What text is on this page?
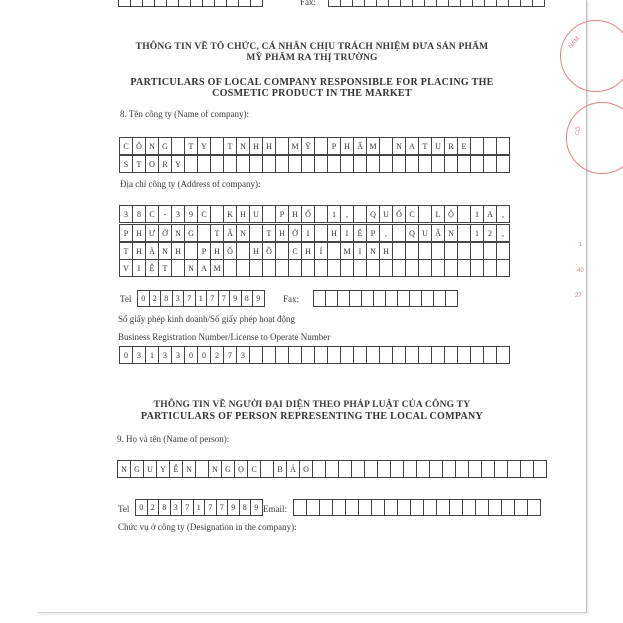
Fax:
THÔNG TIN VỀ TỔ CHỨC, CÁ NHÂN CHỊU TRÁCH NHIỆM ĐƯA SẢN PHẨM
MỸ PHẨM RA THỊ TRƯỜNG
PARTICULARS OF LOCAL COMPANY RESPONSIBLE FOR PLACING THE
COSMETIC PRODUCT IN THE MARKET
8. Tên công ty (Name of company):
C Ô N G	T Y	T N H H	M Ỹ	P H Ẩ M	N A T U R E
S	T O R Y
Địa chỉ công ty (Address of company):
3	8	C	-	3	9	C	K H U	P H Ố	1	,	Q U Ố C	L Ộ	1	A	,
P H Ư Ờ N G	T Â N	T H Ớ	I	H	I	Ệ	P	,	Q U Ậ N	1	2	,
T H À N H	P H Ố	H Ồ	C H	Í	M	I	N H
V	I	Ệ	T	N A M
Tel	0 2 8 3 7 1 7 7 9 8 9	Fax:
Số giấy phép kinh doanh/Số giấy phép hoạt động
Business Registration Number/License to Operate Number
0	3	1	3	3	0	0	2	7	3
THÔNG TIN VỀ NGƯỜI ĐẠI DIỆN THEO PHÁP LUẬT CỦA CÔNG TY
PARTICULARS OF PERSON REPRESENTING THE LOCAL COMPANY
9. Họ và tên (Name of person):
N G U Y Ễ N	N G Ọ C	B Ả O
Tel	0 2 8 3 7 1 7 7 9 8 9 Email:
Chức vụ ở công ty (Designation in the company):
NAM
CÔ
1
40
27
